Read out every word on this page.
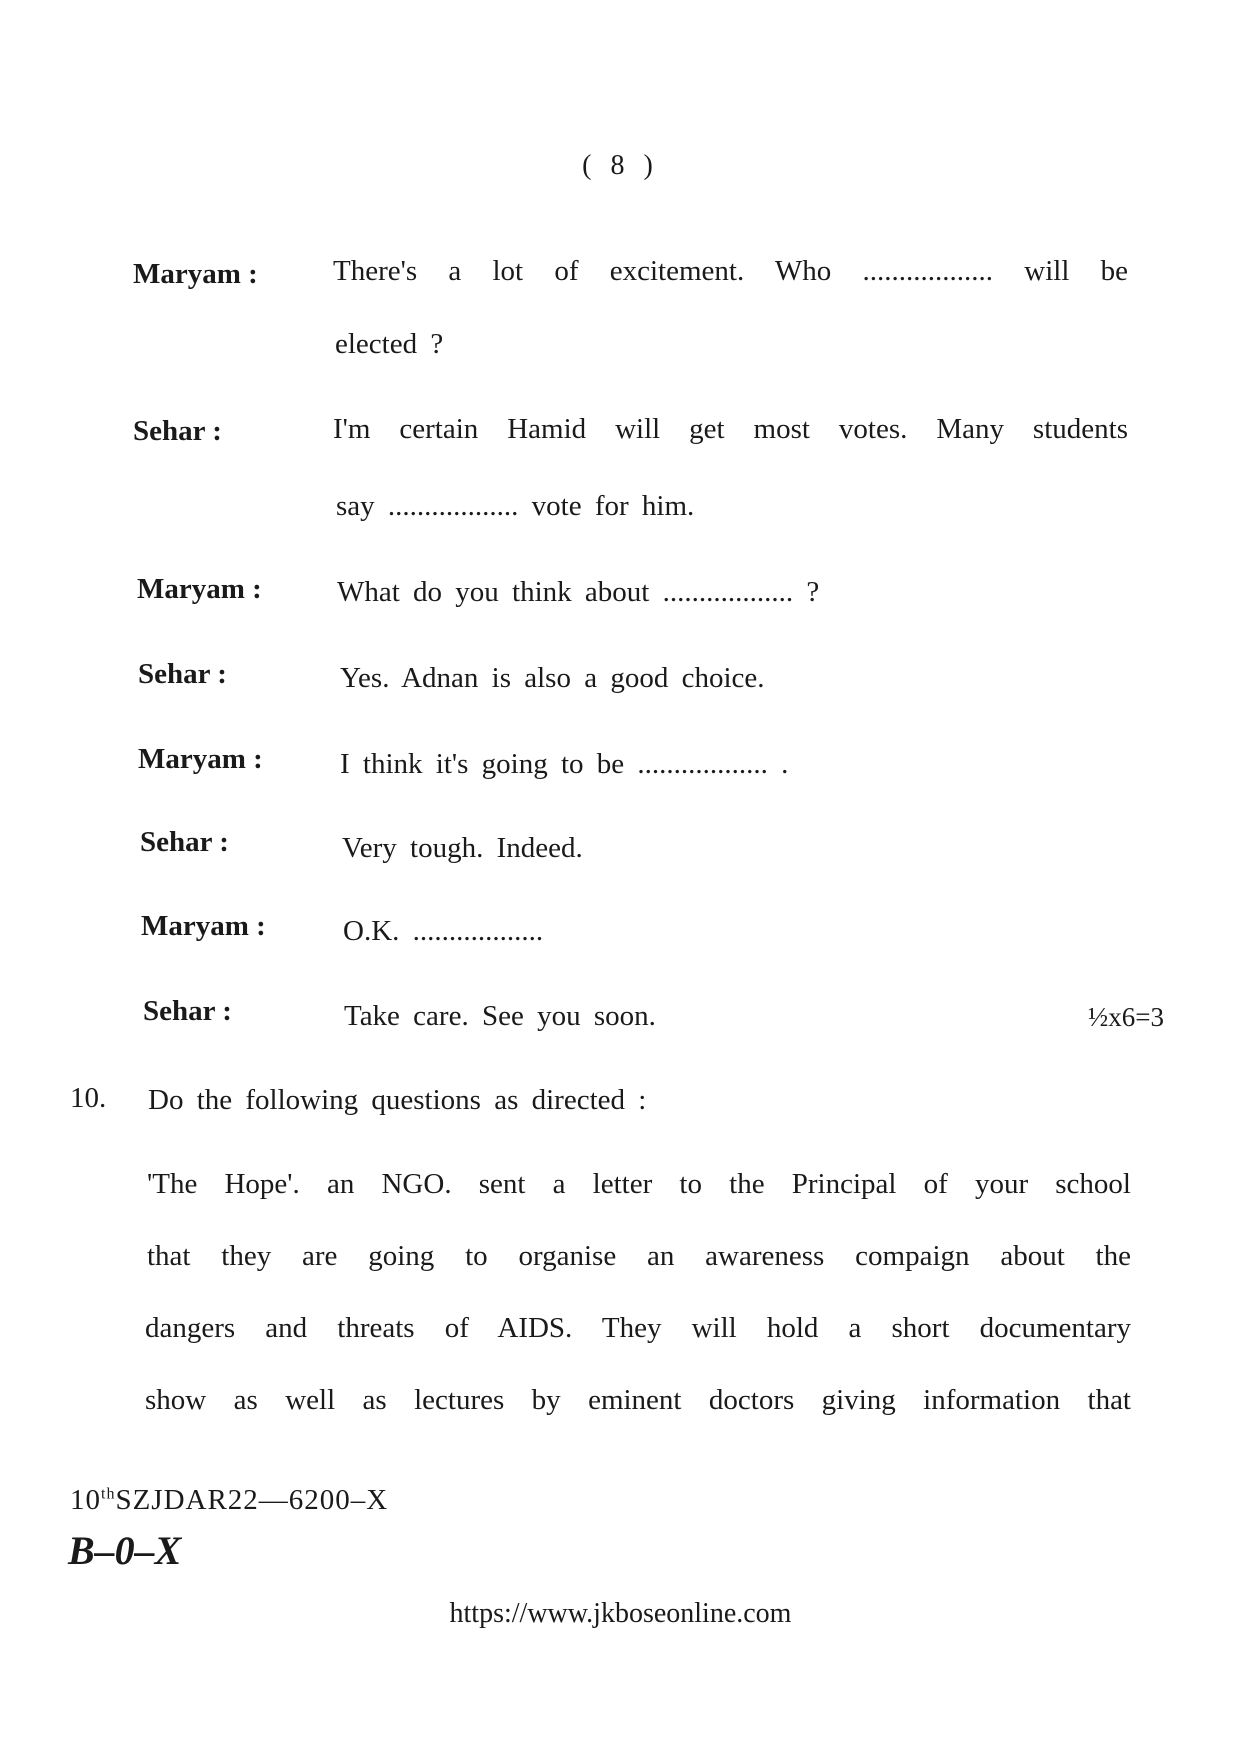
( 8 )
Maryam :	There's a lot of excitement. Who .................. will be
elected ?
Sehar :	I'm certain Hamid will get most votes. Many students
say .................. vote for him.
Maryam :	What do you think about .................. ?
Sehar :	Yes. Adnan is also a good choice.
Maryam :	I think it's going to be .................. .
Sehar :	Very tough. Indeed.
Maryam :	O.K. ..................
Sehar :	Take care. See you soon.	½x6=3
10. Do the following questions as directed :
'The Hope'. an NGO. sent a letter to the Principal of your school
that they are going to organise an awareness compaign about the
dangers and threats of AIDS. They will hold a short documentary
show as well as lectures by eminent doctors giving information that
10thSZJDAR22—6200–X
B–0–X
https://www.jkboseonline.com
